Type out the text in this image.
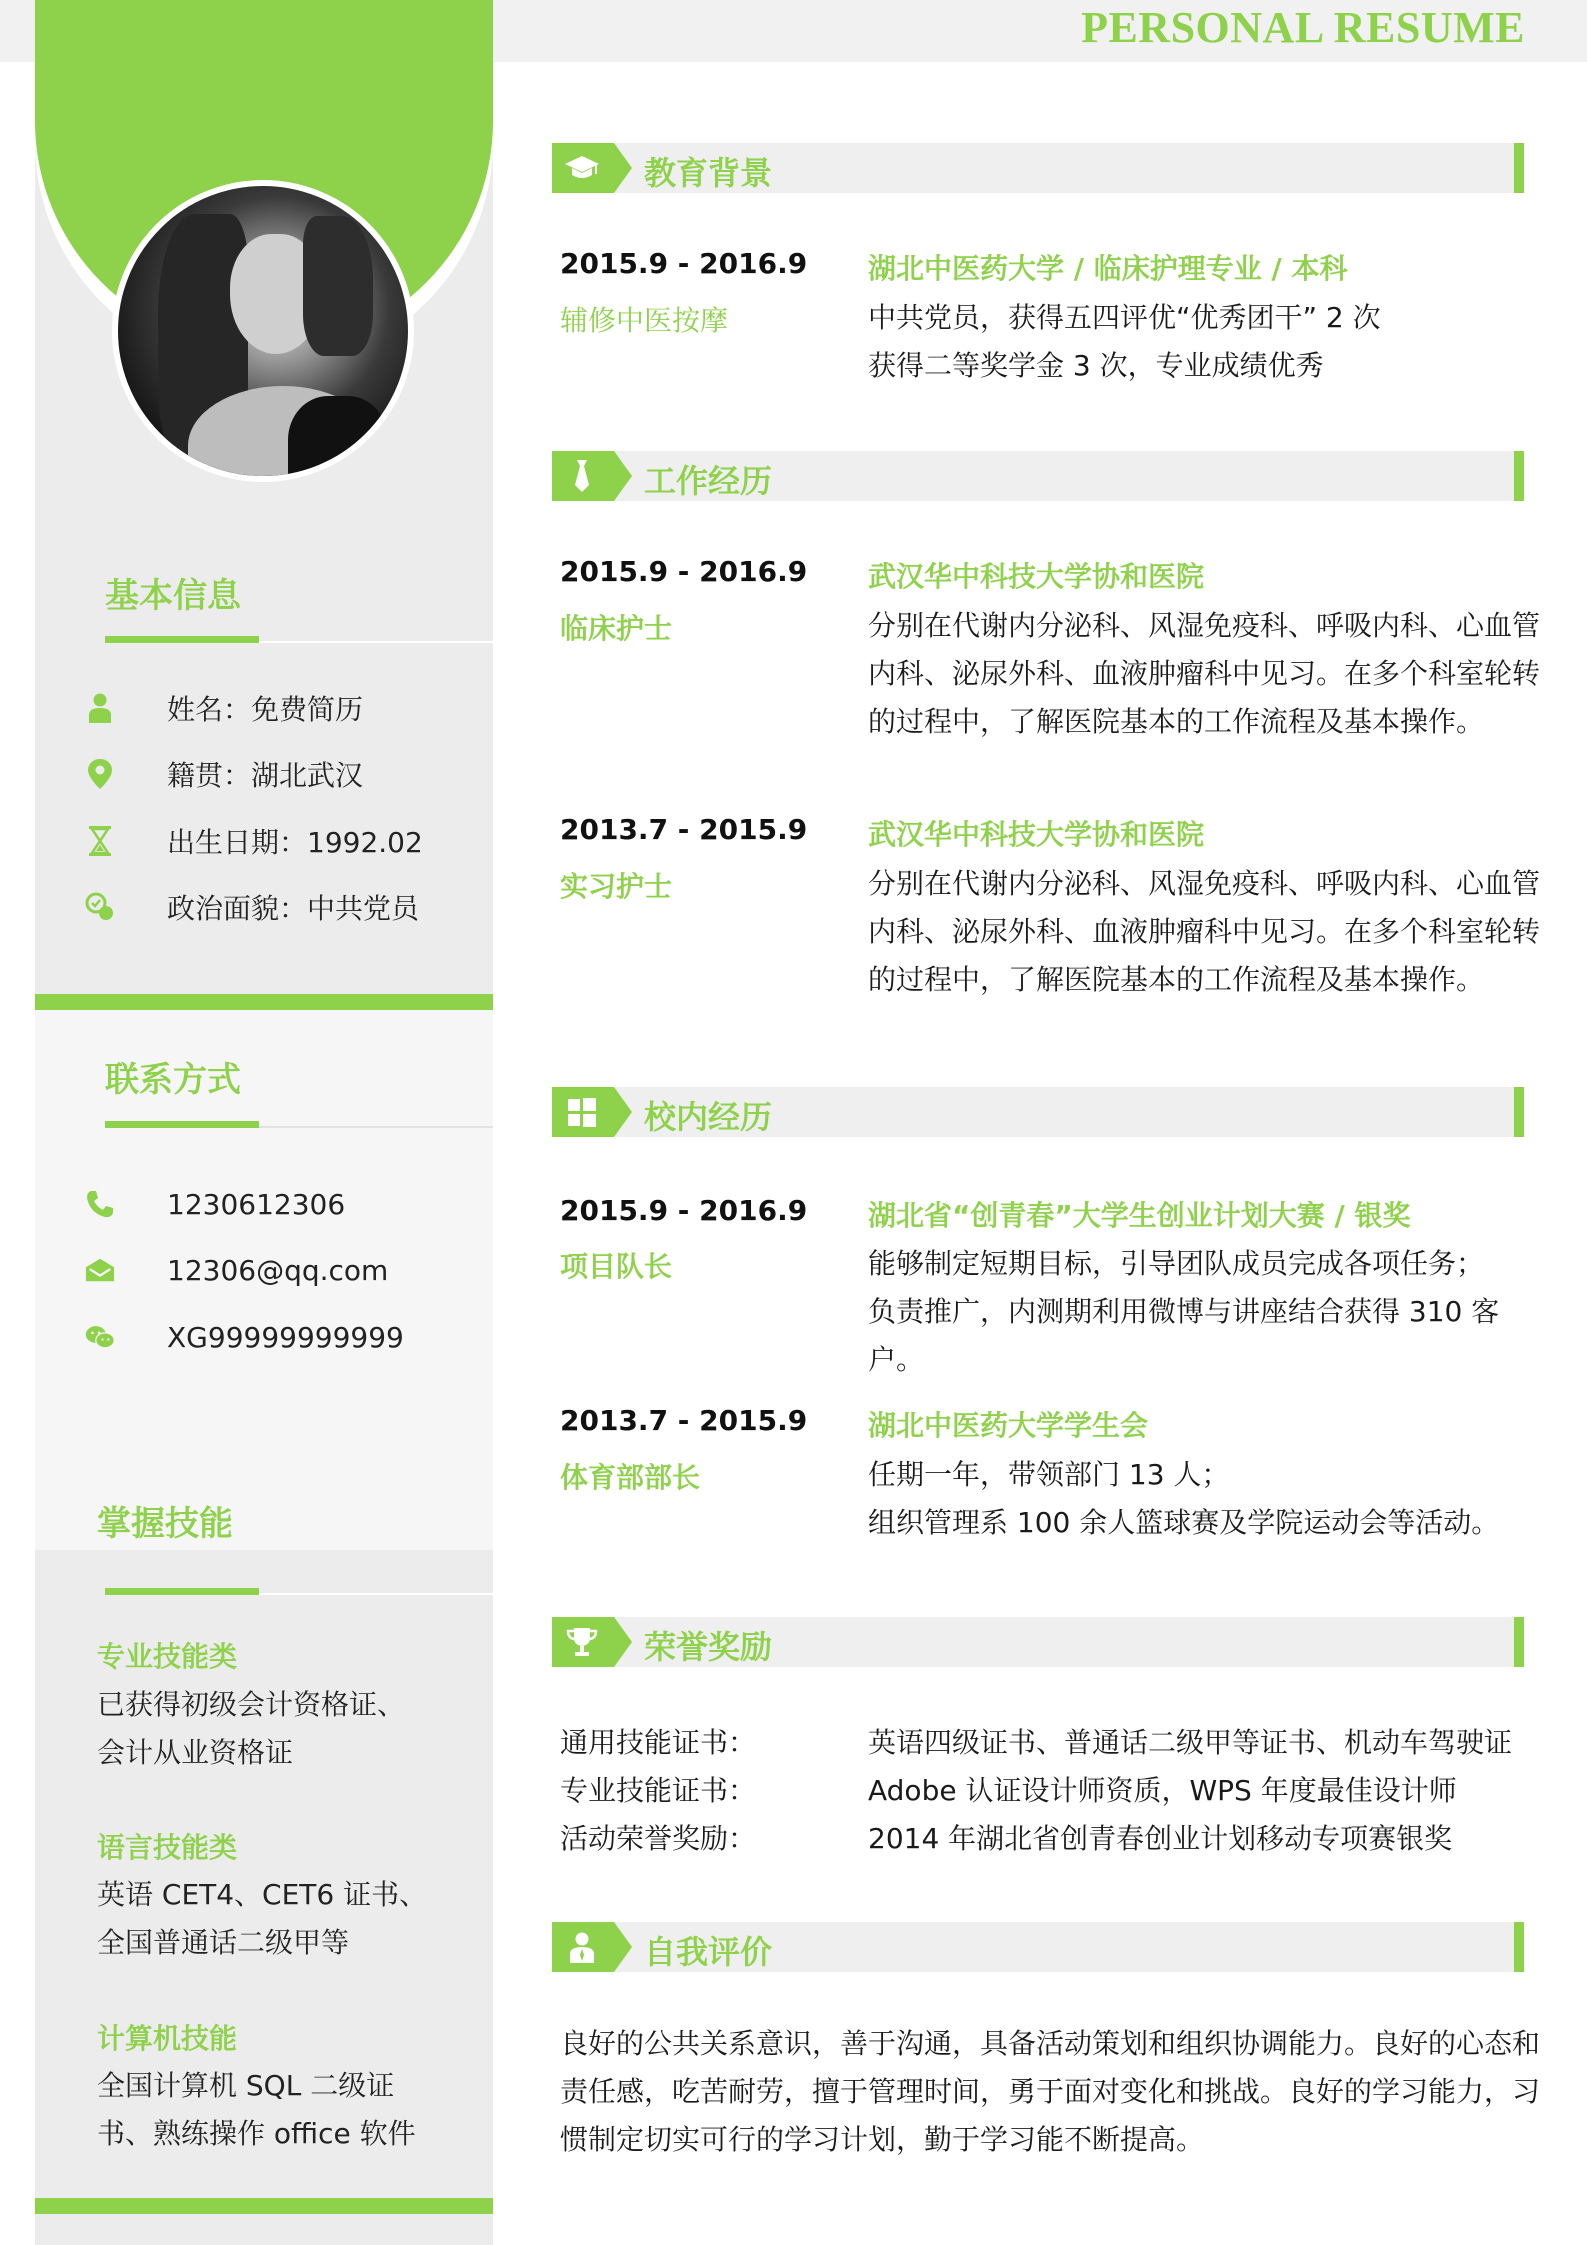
PERSONAL RESUME
基本信息
姓名：免费简历
籍贯：湖北武汉
出生日期：1992.02
政治面貌：中共党员
联系方式
1230612306
12306@qq.com
XG99999999999
掌握技能
专业技能类
已获得初级会计资格证、
会计从业资格证
语言技能类
英语 CET4、CET6 证书、
全国普通话二级甲等
计算机技能
全国计算机 SQL 二级证
书、熟练操作 office 软件
教育背景
2015.9 - 2016.9
辅修中医按摩
湖北中医药大学 / 临床护理专业 / 本科
中共党员，获得五四评优“优秀团干” 2 次
获得二等奖学金 3 次，专业成绩优秀
工作经历
2015.9 - 2016.9
临床护士
武汉华中科技大学协和医院
分别在代谢内分泌科、风湿免疫科、呼吸内科、心血管
内科、泌尿外科、血液肿瘤科中见习。在多个科室轮转
的过程中，了解医院基本的工作流程及基本操作。
2013.7 - 2015.9
实习护士
武汉华中科技大学协和医院
分别在代谢内分泌科、风湿免疫科、呼吸内科、心血管
内科、泌尿外科、血液肿瘤科中见习。在多个科室轮转
的过程中，了解医院基本的工作流程及基本操作。
校内经历
2015.9 - 2016.9
项目队长
湖北省“创青春”大学生创业计划大赛 / 银奖
能够制定短期目标，引导团队成员完成各项任务；
负责推广，内测期利用微博与讲座结合获得 310 客户。
2013.7 - 2015.9
体育部部长
湖北中医药大学学生会
任期一年，带领部门 13 人；
组织管理系 100 余人篮球赛及学院运动会等活动。
荣誉奖励
通用技能证书：	英语四级证书、普通话二级甲等证书、机动车驾驶证
专业技能证书：	Adobe 认证设计师资质，WPS 年度最佳设计师
活动荣誉奖励：	2014 年湖北省创青春创业计划移动专项赛银奖
自我评价
良好的公共关系意识，善于沟通，具备活动策划和组织协调能力。良好的心态和
责任感，吃苦耐劳，擅于管理时间，勇于面对变化和挑战。良好的学习能力，习
惯制定切实可行的学习计划，勤于学习能不断提高。
